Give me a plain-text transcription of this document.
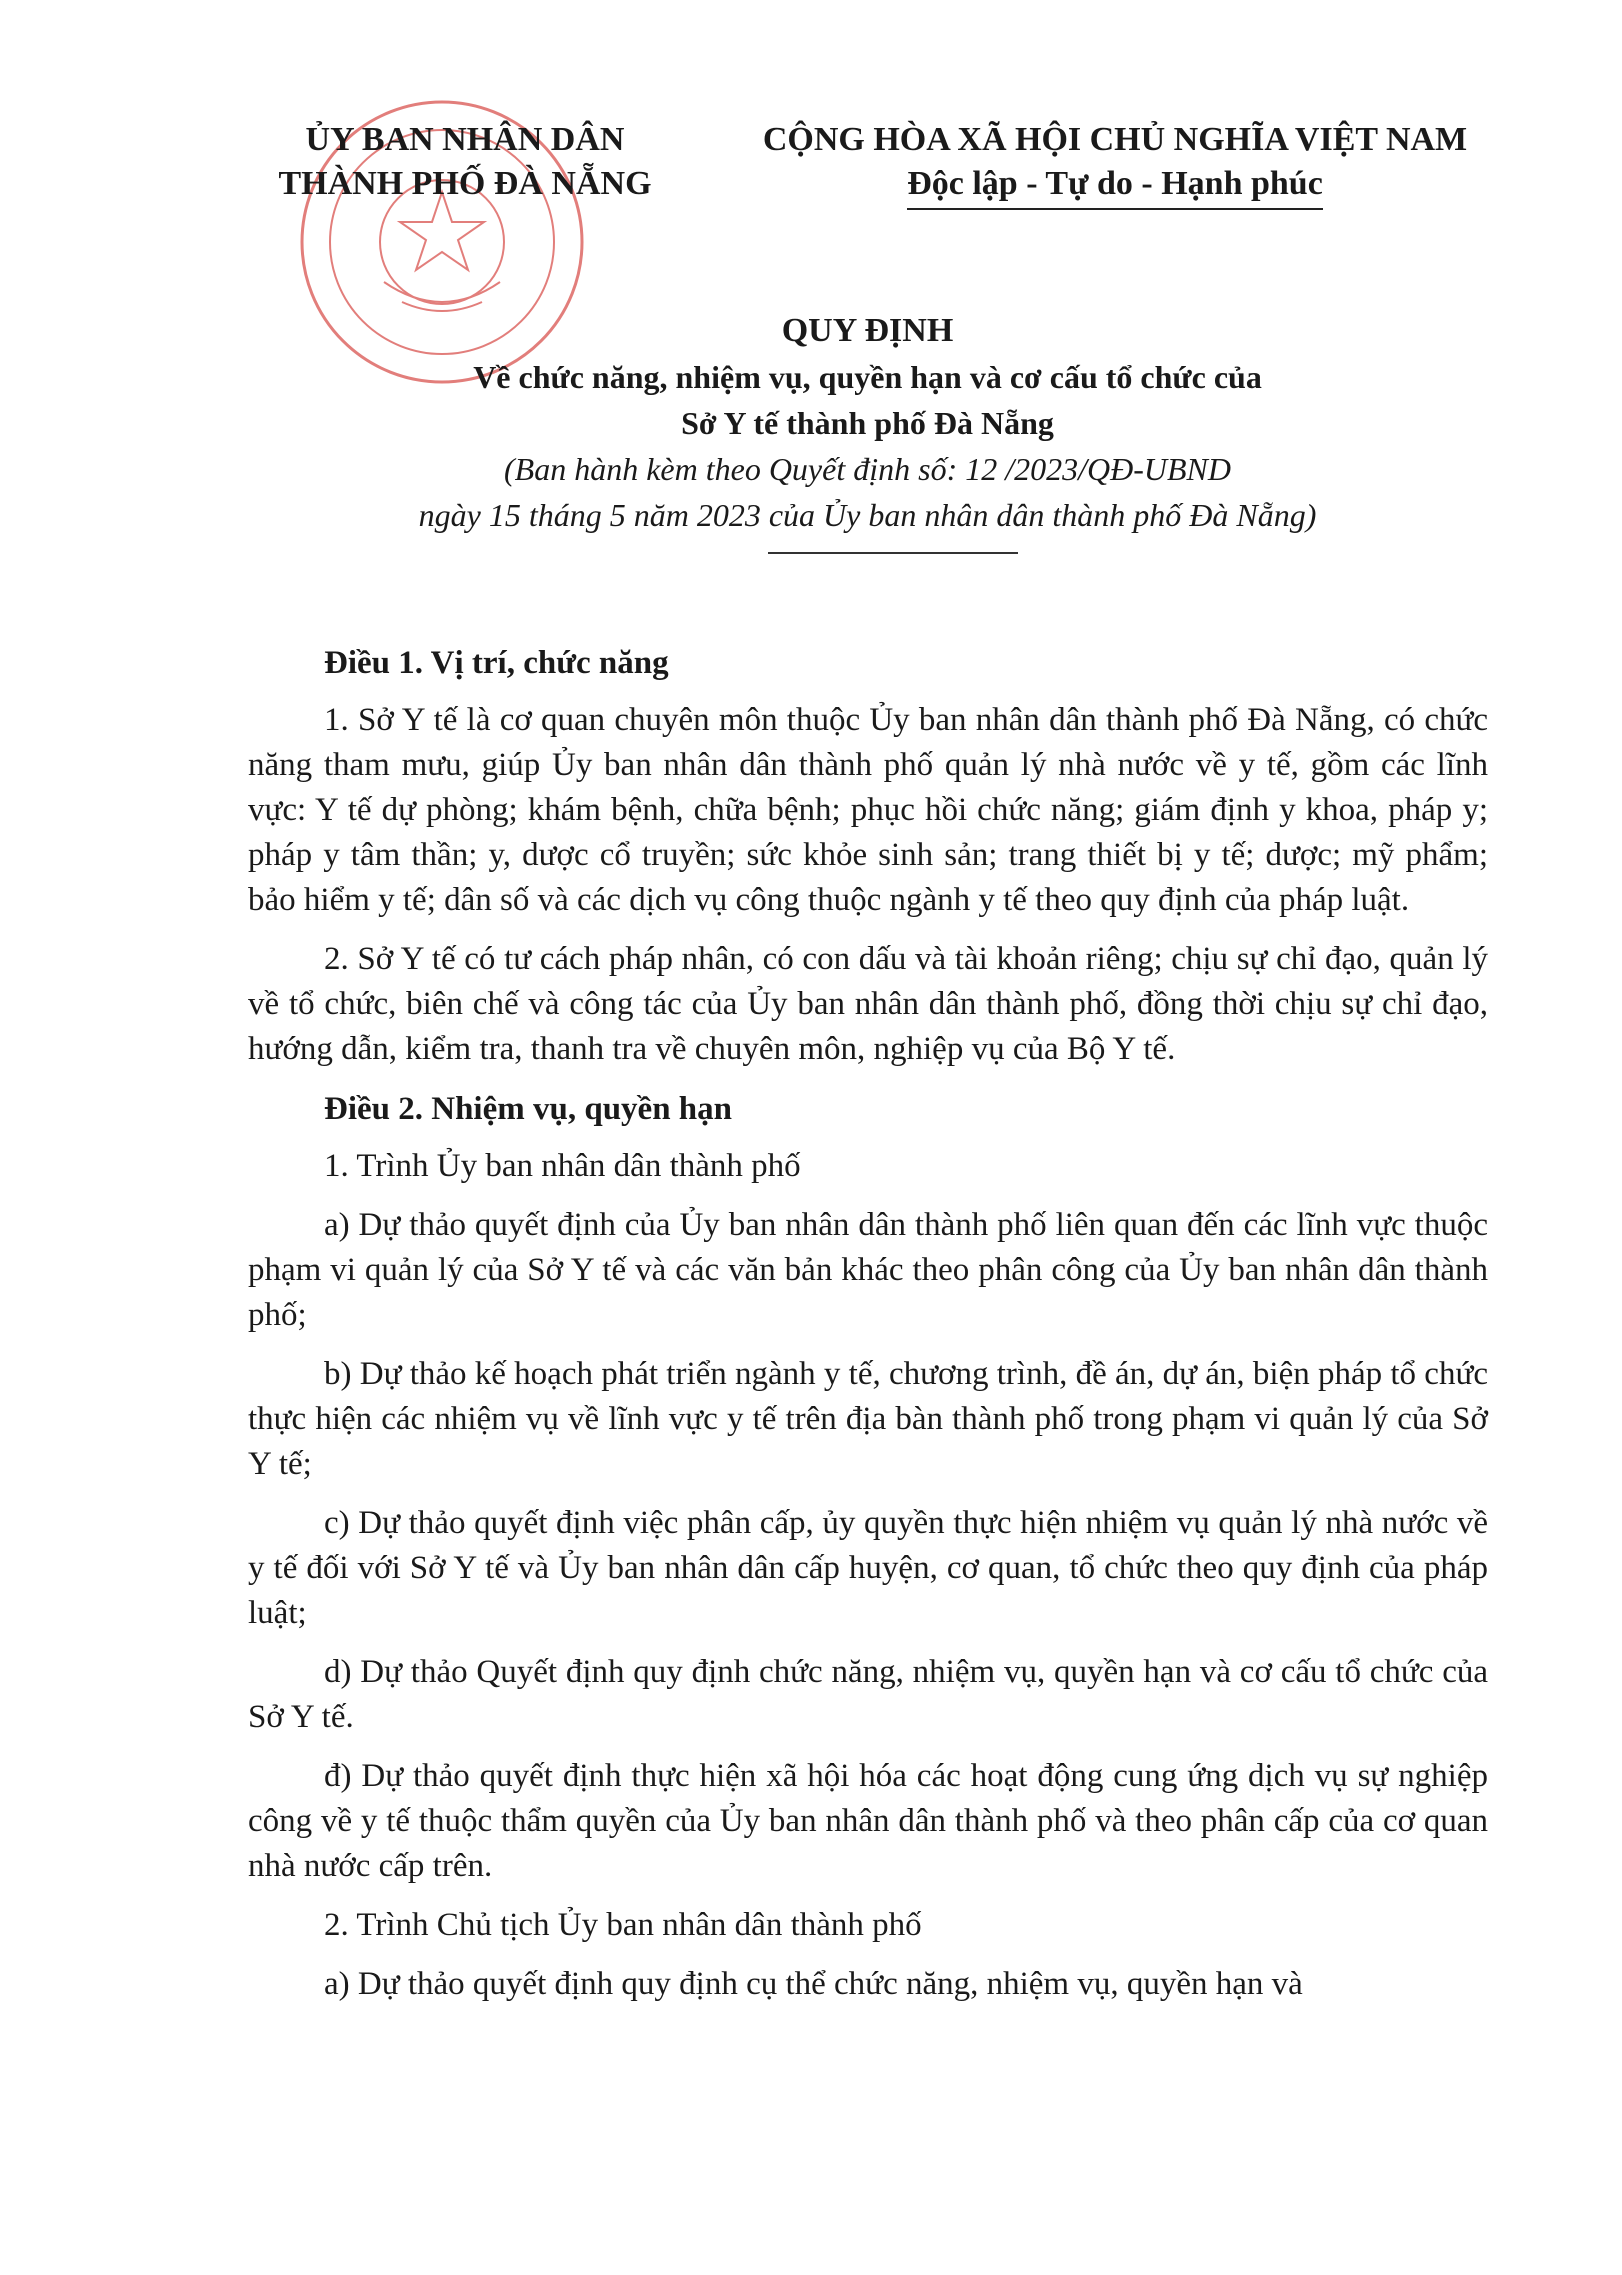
ỦY BAN NHÂN DÂN
THÀNH PHỐ ĐÀ NẴNG
CỘNG HÒA XÃ HỘI CHỦ NGHĨA VIỆT NAM
Độc lập - Tự do - Hạnh phúc
QUY ĐỊNH
Về chức năng, nhiệm vụ, quyền hạn và cơ cấu tổ chức của
Sở Y tế thành phố Đà Nẵng
(Ban hành kèm theo Quyết định số: 12 /2023/QĐ-UBND
ngày 15 tháng 5 năm 2023 của Ủy ban nhân dân thành phố Đà Nẵng)
Điều 1. Vị trí, chức năng

1. Sở Y tế là cơ quan chuyên môn thuộc Ủy ban nhân dân thành phố Đà Nẵng, có chức năng tham mưu, giúp Ủy ban nhân dân thành phố quản lý nhà nước về y tế, gồm các lĩnh vực: Y tế dự phòng; khám bệnh, chữa bệnh; phục hồi chức năng; giám định y khoa, pháp y; pháp y tâm thần; y, dược cổ truyền; sức khỏe sinh sản; trang thiết bị y tế; dược; mỹ phẩm; bảo hiểm y tế; dân số và các dịch vụ công thuộc ngành y tế theo quy định của pháp luật.

2. Sở Y tế có tư cách pháp nhân, có con dấu và tài khoản riêng; chịu sự chỉ đạo, quản lý về tổ chức, biên chế và công tác của Ủy ban nhân dân thành phố, đồng thời chịu sự chỉ đạo, hướng dẫn, kiểm tra, thanh tra về chuyên môn, nghiệp vụ của Bộ Y tế.

Điều 2. Nhiệm vụ, quyền hạn

1. Trình Ủy ban nhân dân thành phố

a) Dự thảo quyết định của Ủy ban nhân dân thành phố liên quan đến các lĩnh vực thuộc phạm vi quản lý của Sở Y tế và các văn bản khác theo phân công của Ủy ban nhân dân thành phố;

b) Dự thảo kế hoạch phát triển ngành y tế, chương trình, đề án, dự án, biện pháp tổ chức thực hiện các nhiệm vụ về lĩnh vực y tế trên địa bàn thành phố trong phạm vi quản lý của Sở Y tế;

c) Dự thảo quyết định việc phân cấp, ủy quyền thực hiện nhiệm vụ quản lý nhà nước về y tế đối với Sở Y tế và Ủy ban nhân dân cấp huyện, cơ quan, tổ chức theo quy định của pháp luật;

d) Dự thảo Quyết định quy định chức năng, nhiệm vụ, quyền hạn và cơ cấu tổ chức của Sở Y tế.

đ) Dự thảo quyết định thực hiện xã hội hóa các hoạt động cung ứng dịch vụ sự nghiệp công về y tế thuộc thẩm quyền của Ủy ban nhân dân thành phố và theo phân cấp của cơ quan nhà nước cấp trên.

2. Trình Chủ tịch Ủy ban nhân dân thành phố

a) Dự thảo quyết định quy định cụ thể chức năng, nhiệm vụ, quyền hạn và
